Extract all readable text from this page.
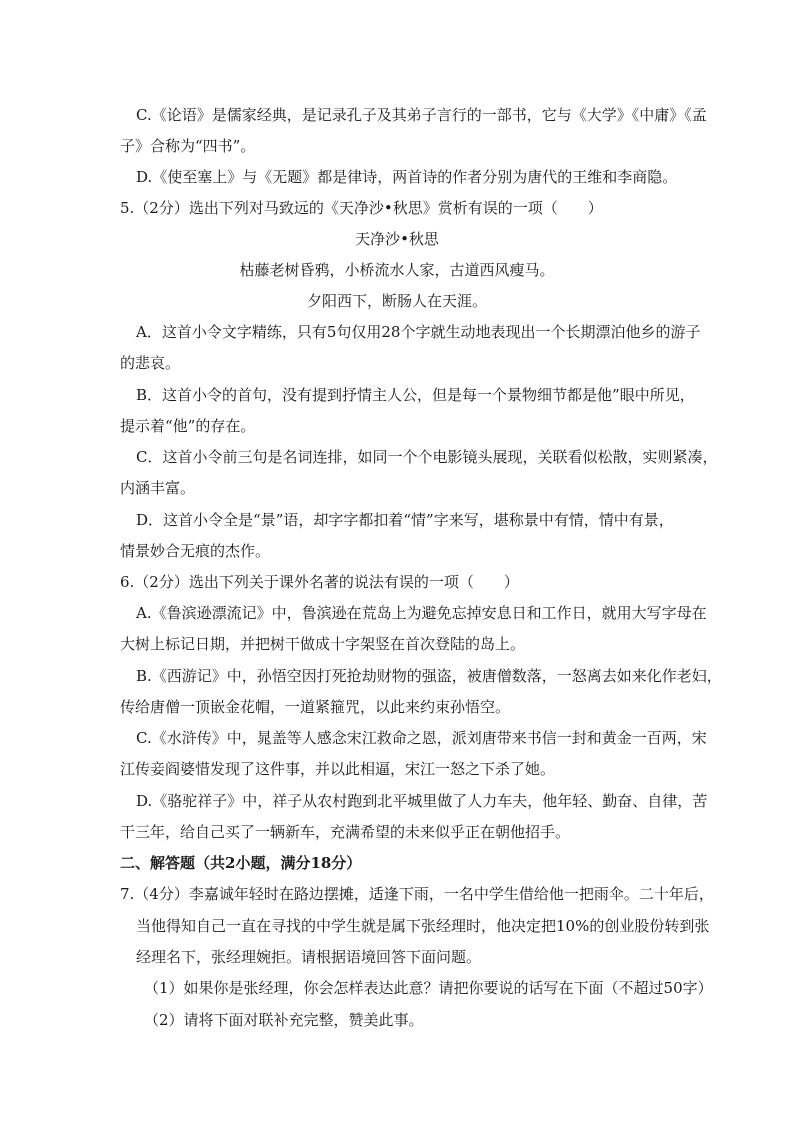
C.《论语》是儒家经典，是记录孔子及其弟子言行的一部书，它与《大学》《中庸》《孟
子》合称为“四书”。
D.《使至塞上》与《无题》都是律诗，两首诗的作者分别为唐代的王维和李商隐。
5.（2分）选出下列对马致远的《天净沙•秋思》赏析有误的一项（　　）
天净沙•秋思
枯藤老树昏鸦，小桥流水人家，古道西风瘦马。
夕阳西下，断肠人在天涯。
A．这首小令文字精练，只有5句仅用28个字就生动地表现出一个长期漂泊他乡的游子
的悲哀。
B．这首小令的首句，没有提到抒情主人公，但是每一个景物细节都是他”眼中所见，
提示着“他”的存在。
C．这首小令前三句是名词连排，如同一个个电影镜头展现，关联看似松散，实则紧凑，
内涵丰富。
D．这首小令全是“景”语，却字字都扣着“情”字来写，堪称景中有情，情中有景，
情景妙合无痕的杰作。
6.（2分）选出下列关于课外名著的说法有误的一项（　　）
A.《鲁滨逊漂流记》中，鲁滨逊在荒岛上为避免忘掉安息日和工作日，就用大写字母在
大树上标记日期，并把树干做成十字架竖在首次登陆的岛上。
B.《西游记》中，孙悟空因打死抢劫财物的强盗，被唐僧数落，一怒离去如来化作老妇，
传给唐僧一顶嵌金花帽，一道紧箍咒，以此来约束孙悟空。
C.《水浒传》中，晁盖等人感念宋江救命之恩，派刘唐带来书信一封和黄金一百两，宋
江传妾阎婆惜发现了这件事，并以此相逼，宋江一怒之下杀了她。
D.《骆驼祥子》中，祥子从农村跑到北平城里做了人力车夫，他年轻、勤奋、自律，苦
干三年，给自己买了一辆新车，充满希望的未来似乎正在朝他招手。
二、解答题（共2小题，满分18分）
7.（4分）李嘉诚年轻时在路边摆摊，适逢下雨，一名中学生借给他一把雨伞。二十年后，
当他得知自己一直在寻找的中学生就是属下张经理时，他决定把10%的创业股份转到张
经理名下，张经理婉拒。请根据语境回答下面问题。
（1）如果你是张经理，你会怎样表达此意？请把你要说的话写在下面（不超过50字）
（2）请将下面对联补充完整，赞美此事。
